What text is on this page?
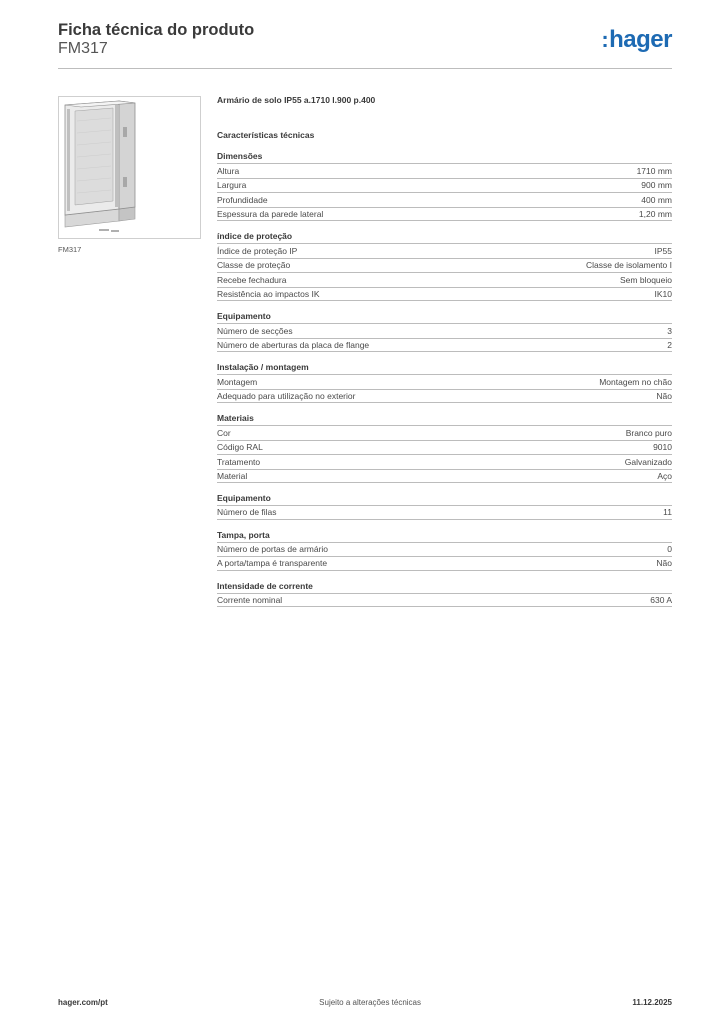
Ficha técnica do produto
FM317	:hager
FM317
Armário de solo IP55 a.1710 l.900 p.400
Características técnicas
Dimensões
Altura	1710 mm
Largura	900 mm
Profundidade	400 mm
Espessura da parede lateral	1,20 mm
índice de proteção
Índice de proteção IP	IP55
Classe de proteção	Classe de isolamento I
Recebe fechadura	Sem bloqueio
Resistência ao impactos IK	IK10
Equipamento
Número de secções	3
Número de aberturas da placa de flange	2
Instalação / montagem
Montagem	Montagem no chão
Adequado para utilização no exterior	Não
Materiais
Cor	Branco puro
Código RAL	9010
Tratamento	Galvanizado
Material	Aço
Equipamento
Número de filas	11
Tampa, porta
Número de portas de armário	0
A porta/tampa é transparente	Não
Intensidade de corrente
Corrente nominal	630 A
hager.com/pt	Sujeito a alterações técnicas	11.12.2025
